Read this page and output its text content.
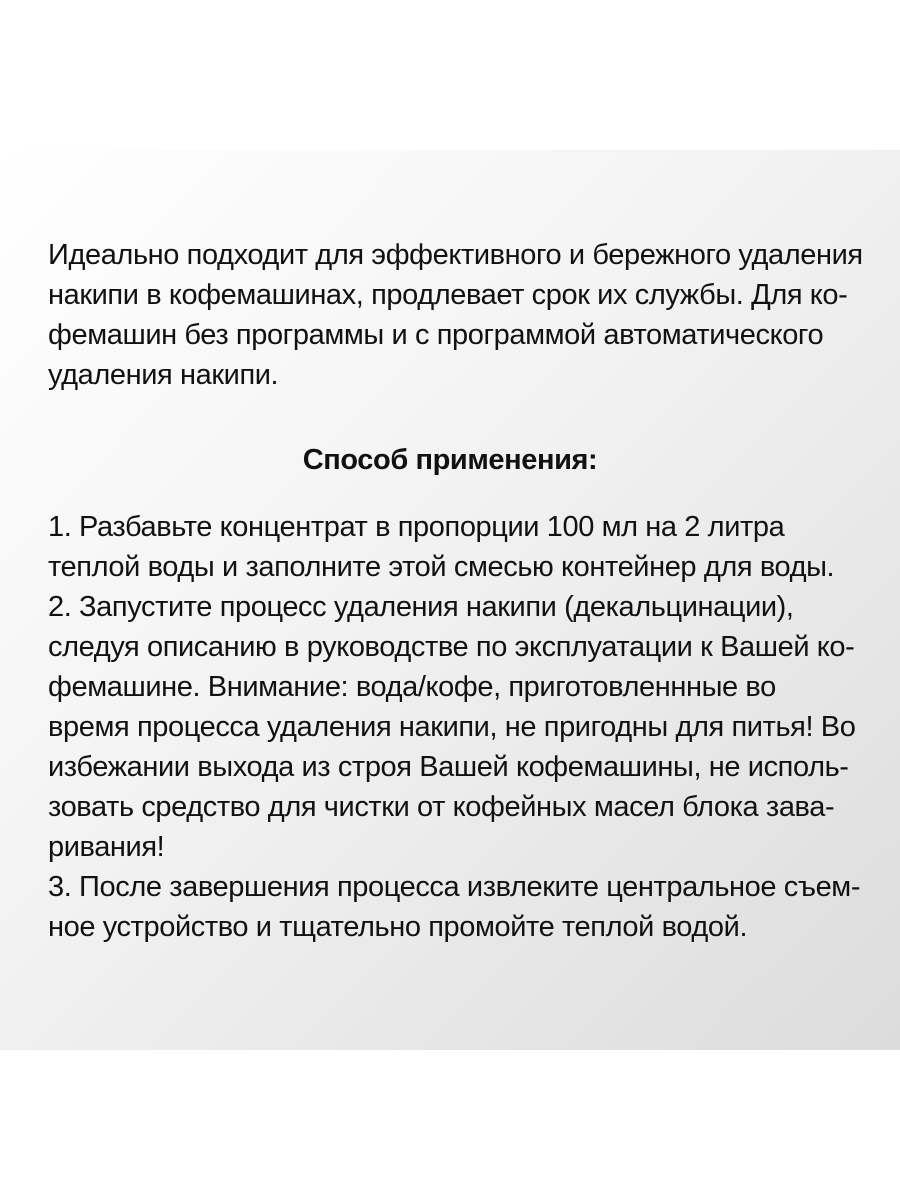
Идеально подходит для эффективного и бережного удаления
накипи в кофемашинах, продлевает срок их службы. Для ко-
фемашин без программы и с программой автоматического
удаления накипи.
Способ применения:

1. Разбавьте концентрат в пропорции 100 мл на 2 литра
теплой воды и заполните этой смесью контейнер для воды.

2. Запустите процесс удаления накипи (декальцинации),
следуя описанию в руководстве по эксплуатации к Вашей ко-
фемашине. Внимание: вода/кофе, приготовленнные во
время процесса удаления накипи, не пригодны для питья! Во
избежании выхода из строя Вашей кофемашины, не исполь-
зовать средство для чистки от кофейных масел блока зава-
ривания!

3. После завершения процесса извлеките центральное съем-
ное устройство и тщательно промойте теплой водой.
